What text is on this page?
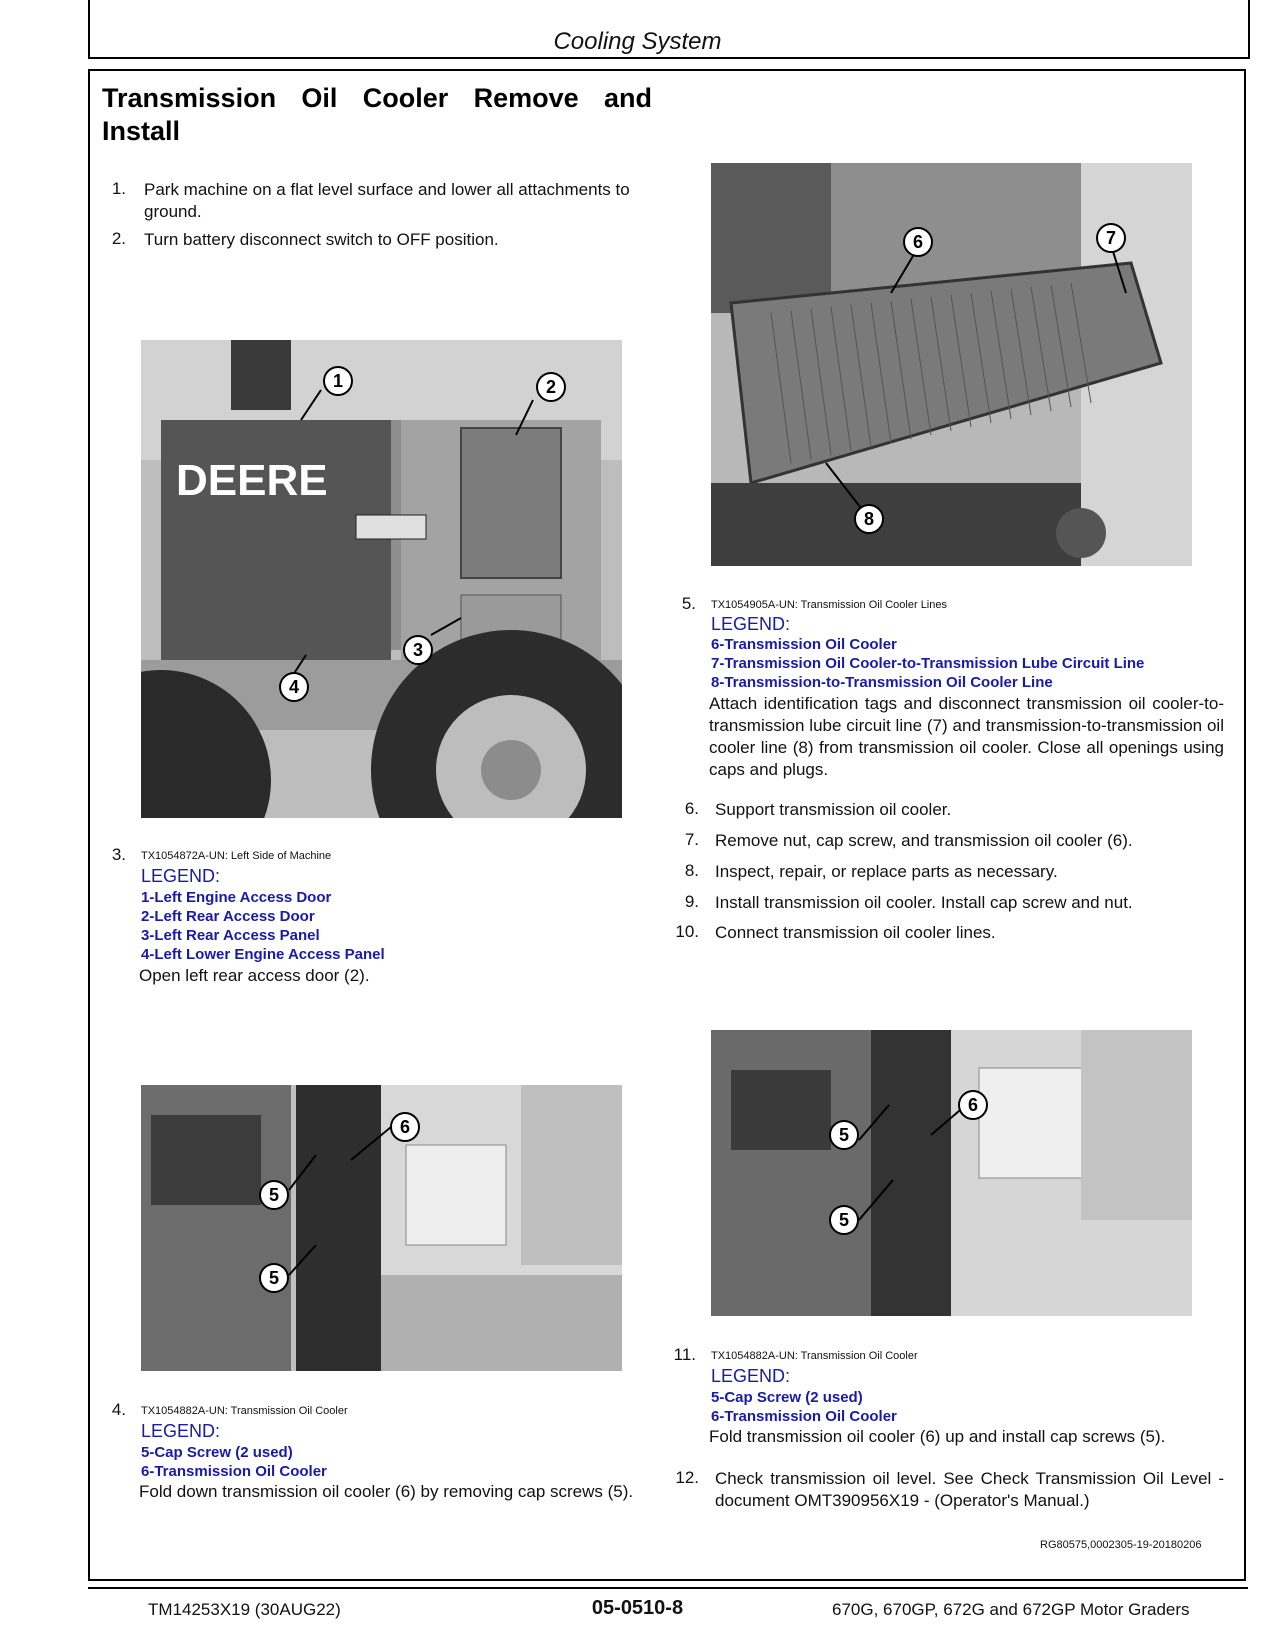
Cooling System
Transmission Oil Cooler Remove and Install
1. Park machine on a flat level surface and lower all attachments to ground.
2. Turn battery disconnect switch to OFF position.
DEERE
1	2
3
4
3. TX1054872A-UN: Left Side of Machine
LEGEND:
1-Left Engine Access Door
2-Left Rear Access Door
3-Left Rear Access Panel
4-Left Lower Engine Access Panel
Open left rear access door (2).
5
6
5
4. TX1054882A-UN: Transmission Oil Cooler
LEGEND:
5-Cap Screw (2 used)
6-Transmission Oil Cooler
Fold down transmission oil cooler (6) by removing cap screws (5).
6	7
8
5. TX1054905A-UN: Transmission Oil Cooler Lines
LEGEND:
6-Transmission Oil Cooler
7-Transmission Oil Cooler-to-Transmission Lube Circuit Line
8-Transmission-to-Transmission Oil Cooler Line
Attach identification tags and disconnect transmission oil cooler-to-transmission lube circuit line (7) and transmission-to-transmission oil cooler line (8) from transmission oil cooler. Close all openings using caps and plugs.
6. Support transmission oil cooler.
7. Remove nut, cap screw, and transmission oil cooler (6).
8. Inspect, repair, or replace parts as necessary.
9. Install transmission oil cooler. Install cap screw and nut.
10. Connect transmission oil cooler lines.
5
6
5
11. TX1054882A-UN: Transmission Oil Cooler
LEGEND:
5-Cap Screw (2 used)
6-Transmission Oil Cooler
Fold transmission oil cooler (6) up and install cap screws (5).
12. Check transmission oil level. See Check Transmission Oil Level - document OMT390956X19 - (Operator's Manual.)
RG80575,0002305-19-20180206
TM14253X19 (30AUG22)	05-0510-8	670G, 670GP, 672G and 672GP Motor Graders
